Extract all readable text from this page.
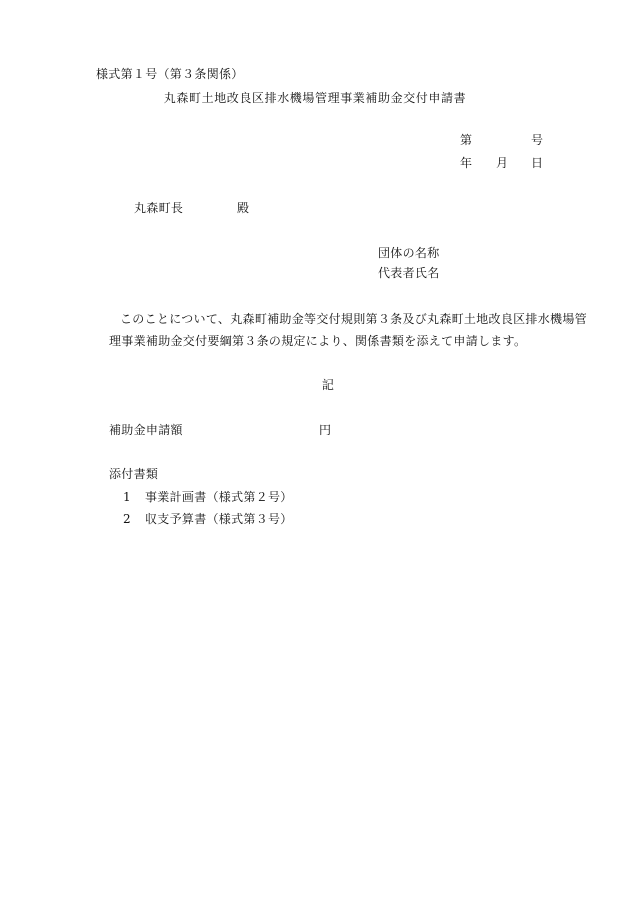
様式第１号（第３条関係）
丸森町土地改良区排水機場管理事業補助金交付申請書
第	号
年 月 日
丸森町長	殿
団体の名称
代表者氏名
このことについて、丸森町補助金等交付規則第３条及び丸森町土地改良区排水機場管
理事業補助金交付要綱第３条の規定により、関係書類を添えて申請します。
記
補助金申請額	円
添付書類
1 事業計画書（様式第２号）
2 収支予算書（様式第３号）
